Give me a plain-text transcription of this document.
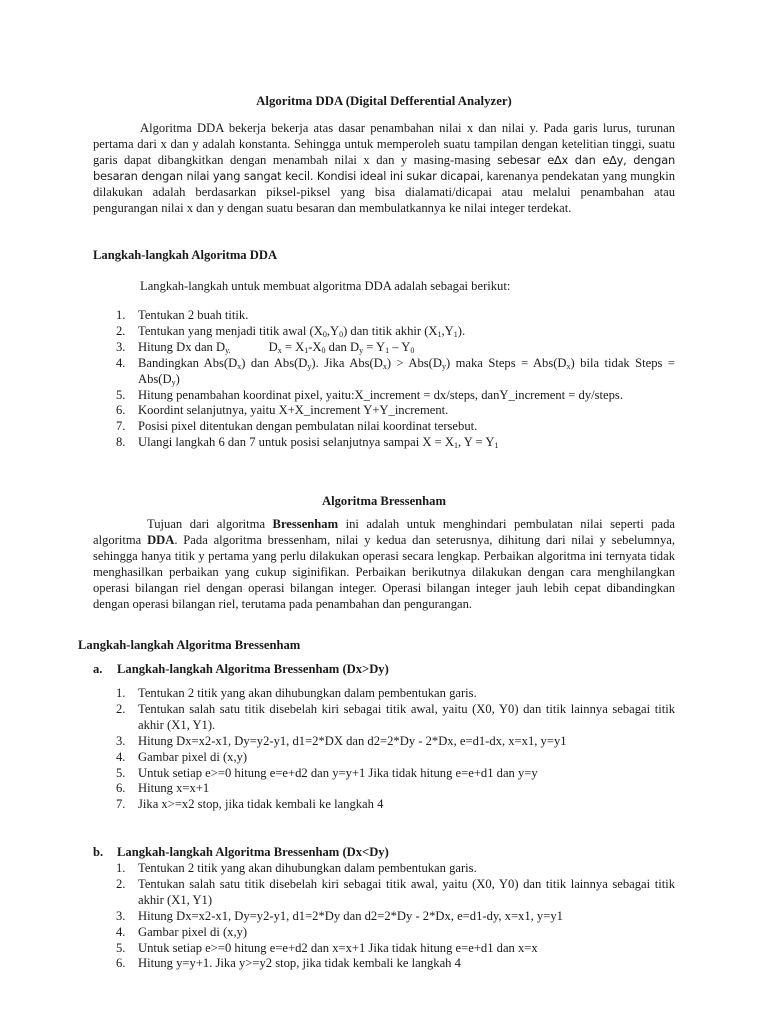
Algoritma DDA (Digital Defferential Analyzer)
Algoritma DDA bekerja bekerja atas dasar penambahan nilai x dan nilai y. Pada garis lurus, turunan pertama dari x dan y adalah konstanta. Sehingga untuk memperoleh suatu tampilan dengan ketelitian tinggi, suatu garis dapat dibangkitkan dengan menambah nilai x dan y masing-masing sebesar e∆x dan e∆y, dengan besaran dengan nilai yang sangat kecil. Kondisi ideal ini sukar dicapai, karenanya pendekatan yang mungkin dilakukan adalah berdasarkan piksel-piksel yang bisa dialamati/dicapai atau melalui penambahan atau pengurangan nilai x dan y dengan suatu besaran dan membulatkannya ke nilai integer terdekat.
Langkah-langkah Algoritma DDA

Langkah-langkah untuk membuat algoritma DDA adalah sebagai berikut:

1. Tentukan 2 buah titik.
2. Tentukan yang menjadi titik awal $(X_0,Y_0)$ dan titik akhir $(X_1,Y_1)$.
3. Hitung Dx dan $D_{y.}$	$D_x = X_1-X_0$ dan $D_y = Y_1 - Y_0$
4. Bandingkan $Abs(D_x)$ dan $Abs(D_y)$. Jika $Abs(D_x) > Abs(D_y)$ maka Steps = $Abs(D_x)$ bila tidak Steps = $Abs(D_y)$
5. Hitung penambahan koordinat pixel, yaitu:X_increment = dx/steps, danY_increment = dy/steps.
6. Koordint selanjutnya, yaitu X+X_increment Y+Y_increment.
7. Posisi pixel ditentukan dengan pembulatan nilai koordinat tersebut.
8. Ulangi langkah 6 dan 7 untuk posisi selanjutnya sampai $X = X_1$, $Y = Y_1$
Algoritma Bressenham
Tujuan dari algoritma Bressenham ini adalah untuk menghindari pembulatan nilai seperti pada algoritma DDA. Pada algoritma bressenham, nilai y kedua dan seterusnya, dihitung dari nilai y sebelumnya, sehingga hanya titik y pertama yang perlu dilakukan operasi secara lengkap. Perbaikan algoritma ini ternyata tidak menghasilkan perbaikan yang cukup siginifikan. Perbaikan berikutnya dilakukan dengan cara menghilangkan operasi bilangan riel dengan operasi bilangan integer. Operasi bilangan integer jauh lebih cepat dibandingkan dengan operasi bilangan riel, terutama pada penambahan dan pengurangan.
Langkah-langkah Algoritma Bressenham
a. Langkah-langkah Algoritma Bressenham (Dx>Dy)
1. Tentukan 2 titik yang akan dihubungkan dalam pembentukan garis.
2. Tentukan salah satu titik disebelah kiri sebagai titik awal, yaitu (X0, Y0) dan titik lainnya sebagai titik akhir (X1, Y1).
3. Hitung Dx=x2-x1, Dy=y2-y1, d1=2*DX dan d2=2*Dy - 2*Dx, e=d1-dx, x=x1, y=y1
4. Gambar pixel di (x,y)
5. Untuk setiap e>=0 hitung e=e+d2 dan y=y+1 Jika tidak hitung e=e+d1 dan y=y
6. Hitung x=x+1
7. Jika x>=x2 stop, jika tidak kembali ke langkah 4
b. Langkah-langkah Algoritma Bressenham (Dx<Dy)
1. Tentukan 2 titik yang akan dihubungkan dalam pembentukan garis.
2. Tentukan salah satu titik disebelah kiri sebagai titik awal, yaitu (X0, Y0) dan titik lainnya sebagai titik akhir (X1, Y1)
3. Hitung Dx=x2-x1, Dy=y2-y1, d1=2*Dy dan d2=2*Dy - 2*Dx, e=d1-dy, x=x1, y=y1
4. Gambar pixel di (x,y)
5. Untuk setiap e>=0 hitung e=e+d2 dan x=x+1 Jika tidak hitung e=e+d1 dan x=x
6. Hitung y=y+1. Jika y>=y2 stop, jika tidak kembali ke langkah 4
